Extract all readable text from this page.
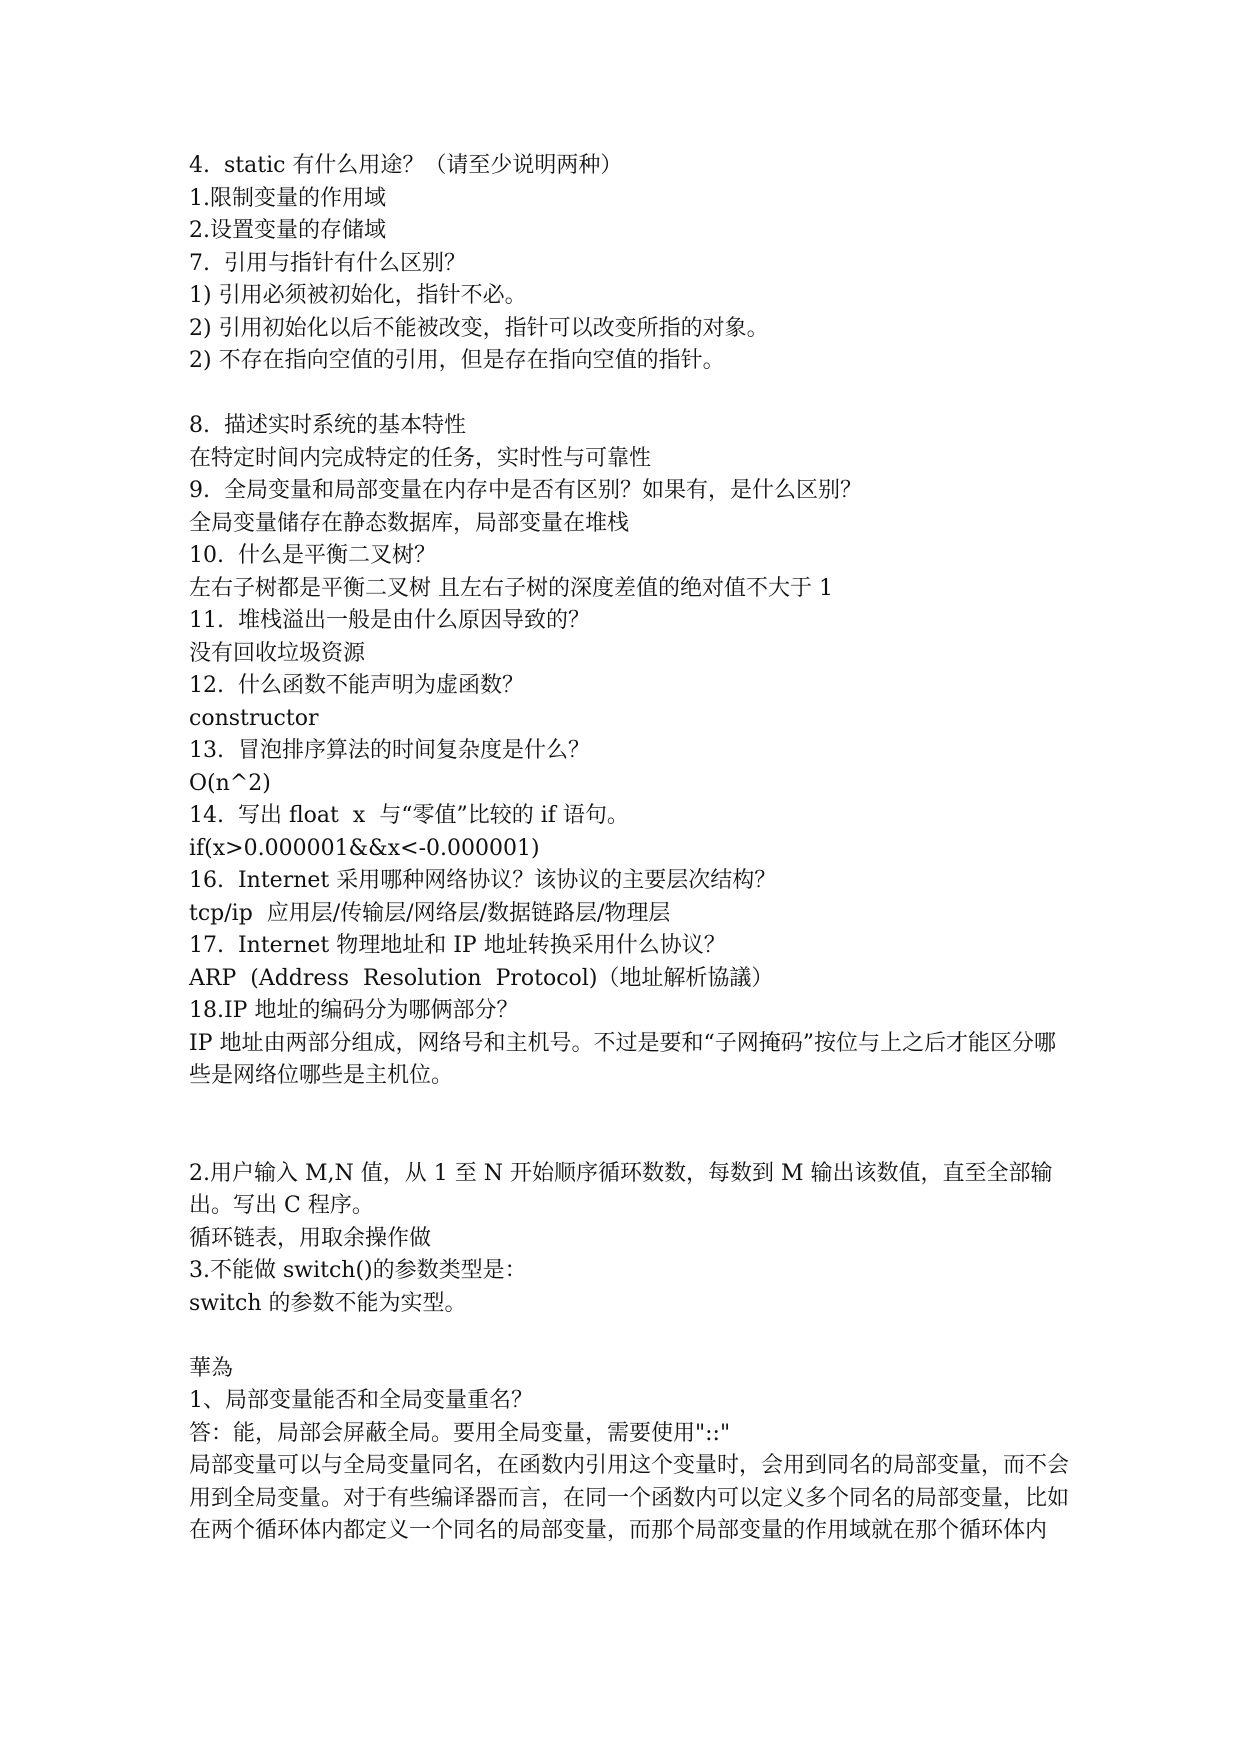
4.  static 有什么用途？（请至少说明两种）
1.限制变量的作用域
2.设置变量的存储域
7.  引用与指针有什么区别？
1) 引用必须被初始化，指针不必。
2) 引用初始化以后不能被改变，指针可以改变所指的对象。
2) 不存在指向空值的引用，但是存在指向空值的指针。
8.  描述实时系统的基本特性
在特定时间内完成特定的任务，实时性与可靠性
9.  全局变量和局部变量在内存中是否有区别？如果有，是什么区别？
全局变量储存在静态数据库，局部变量在堆栈
10.  什么是平衡二叉树？
左右子树都是平衡二叉树 且左右子树的深度差值的绝对值不大于 1
11.  堆栈溢出一般是由什么原因导致的？
没有回收垃圾资源
12.  什么函数不能声明为虚函数？
constructor
13.  冒泡排序算法的时间复杂度是什么？
O(n^2)
14.  写出 float  x  与“零值”比较的 if 语句。
if(x>0.000001&&x<-0.000001)
16.  Internet 采用哪种网络协议？该协议的主要层次结构？
tcp/ip  应用层/传输层/网络层/数据链路层/物理层
17.  Internet 物理地址和 IP 地址转换采用什么协议？
ARP  (Address  Resolution  Protocol)（地址解析協議）
18.IP 地址的编码分为哪俩部分？
IP 地址由两部分组成，网络号和主机号。不过是要和“子网掩码”按位与上之后才能区分哪些是网络位哪些是主机位。
2.用户输入 M,N 值，从 1 至 N 开始顺序循环数数，每数到 M 输出该数值，直至全部输出。写出 C 程序。
循环链表，用取余操作做
3.不能做 switch()的参数类型是：
switch 的参数不能为实型。
華為
1、局部变量能否和全局变量重名？
答：能，局部会屏蔽全局。要用全局变量，需要使用"::"
局部变量可以与全局变量同名，在函数内引用这个变量时，会用到同名的局部变量，而不会用到全局变量。对于有些编译器而言，在同一个函数内可以定义多个同名的局部变量，比如在两个循环体内都定义一个同名的局部变量，而那个局部变量的作用域就在那个循环体内
